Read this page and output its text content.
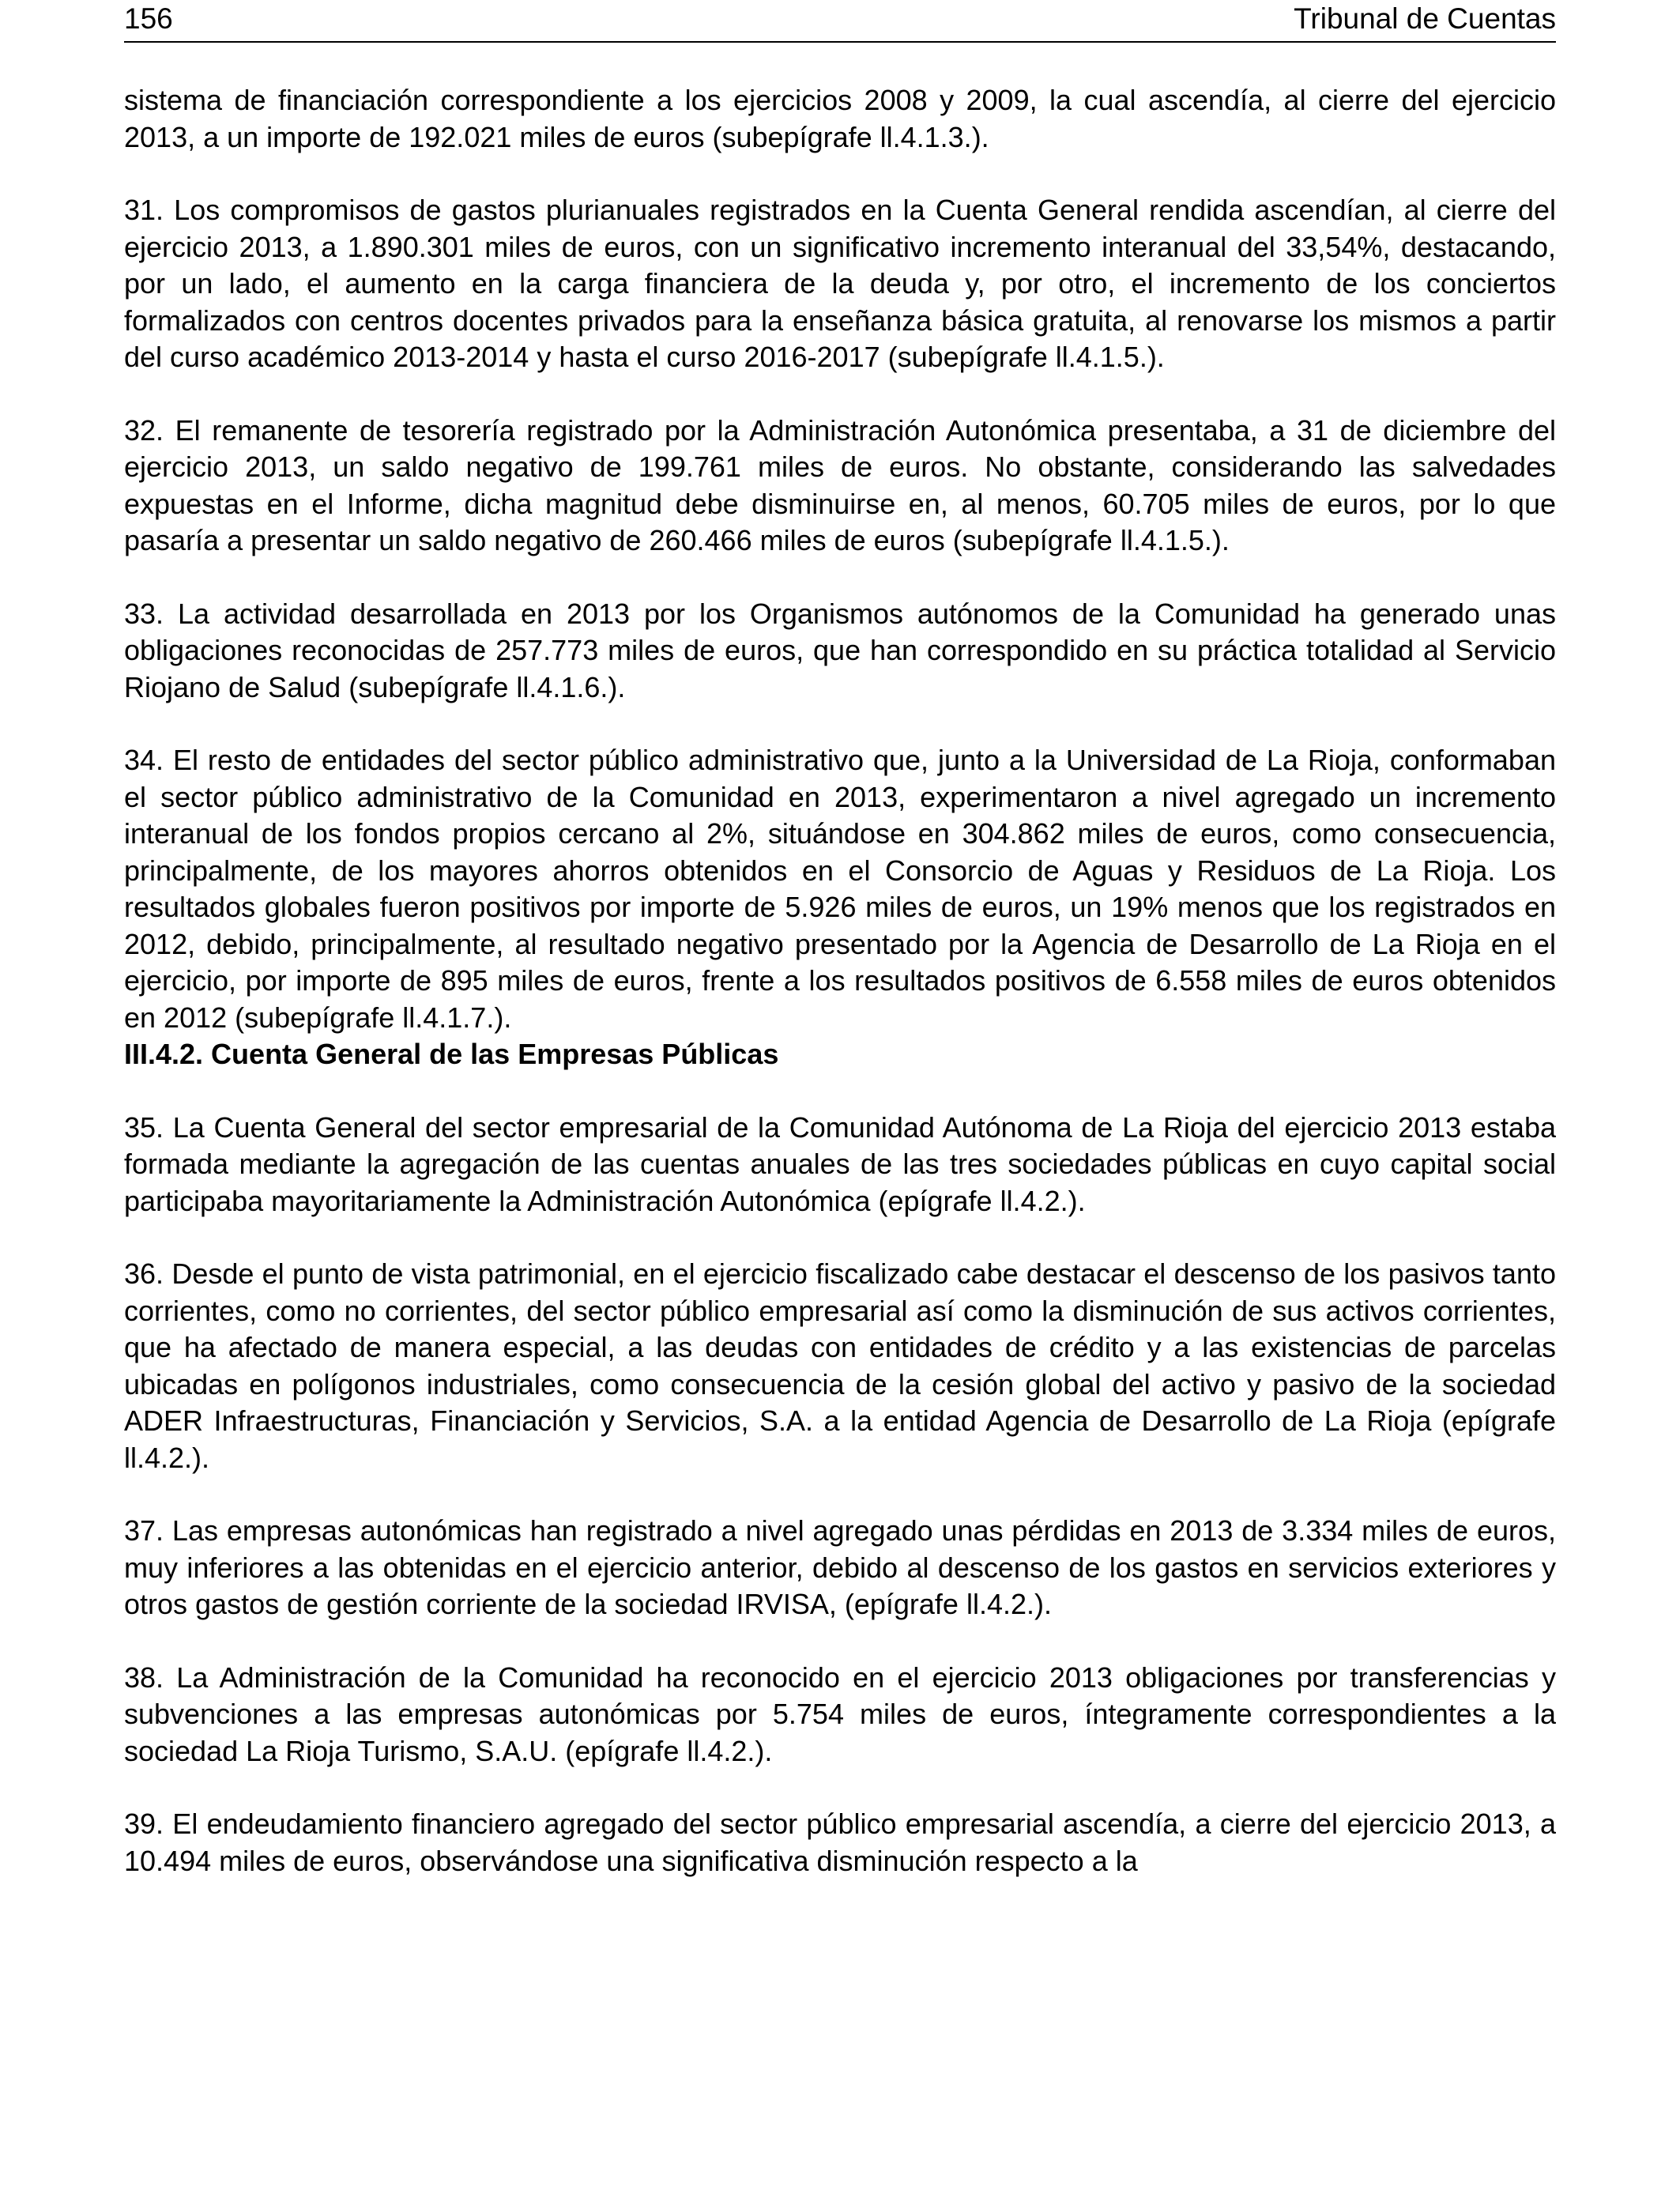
156	Tribunal de Cuentas

sistema de financiación correspondiente a los ejercicios 2008 y 2009, la cual ascendía, al cierre del ejercicio 2013, a un importe de 192.021 miles de euros (subepígrafe ll.4.1.3.).

31. Los compromisos de gastos plurianuales registrados en la Cuenta General rendida ascendían, al cierre del ejercicio 2013, a 1.890.301 miles de euros, con un significativo incremento interanual del 33,54%, destacando, por un lado, el aumento en la carga financiera de la deuda y, por otro, el incremento de los conciertos formalizados con centros docentes privados para la enseñanza básica gratuita, al renovarse los mismos a partir del curso académico 2013-2014 y hasta el curso 2016-2017 (subepígrafe ll.4.1.5.).

32. El remanente de tesorería registrado por la Administración Autonómica presentaba, a 31 de diciembre del ejercicio 2013, un saldo negativo de 199.761 miles de euros. No obstante, considerando las salvedades expuestas en el Informe, dicha magnitud debe disminuirse en, al menos, 60.705 miles de euros, por lo que pasaría a presentar un saldo negativo de 260.466 miles de euros (subepígrafe ll.4.1.5.).

33. La actividad desarrollada en 2013 por los Organismos autónomos de la Comunidad ha generado unas obligaciones reconocidas de 257.773 miles de euros, que han correspondido en su práctica totalidad al Servicio Riojano de Salud (subepígrafe ll.4.1.6.).

34. El resto de entidades del sector público administrativo que, junto a la Universidad de La Rioja, conformaban el sector público administrativo de la Comunidad en 2013, experimentaron a nivel agregado un incremento interanual de los fondos propios cercano al 2%, situándose en 304.862 miles de euros, como consecuencia, principalmente, de los mayores ahorros obtenidos en el Consorcio de Aguas y Residuos de La Rioja. Los resultados globales fueron positivos por importe de 5.926 miles de euros, un 19% menos que los registrados en 2012, debido, principalmente, al resultado negativo presentado por la Agencia de Desarrollo de La Rioja en el ejercicio, por importe de 895 miles de euros, frente a los resultados positivos de 6.558 miles de euros obtenidos en 2012 (subepígrafe ll.4.1.7.).

III.4.2. Cuenta General de las Empresas Públicas

35. La Cuenta General del sector empresarial de la Comunidad Autónoma de La Rioja del ejercicio 2013 estaba formada mediante la agregación de las cuentas anuales de las tres sociedades públicas en cuyo capital social participaba mayoritariamente la Administración Autonómica (epígrafe ll.4.2.).

36. Desde el punto de vista patrimonial, en el ejercicio fiscalizado cabe destacar el descenso de los pasivos tanto corrientes, como no corrientes, del sector público empresarial así como la disminución de sus activos corrientes, que ha afectado de manera especial, a las deudas con entidades de crédito y a las existencias de parcelas ubicadas en polígonos industriales, como consecuencia de la cesión global del activo y pasivo de la sociedad ADER Infraestructuras, Financiación y Servicios, S.A. a la entidad Agencia de Desarrollo de La Rioja (epígrafe ll.4.2.).

37. Las empresas autonómicas han registrado a nivel agregado unas pérdidas en 2013 de 3.334 miles de euros, muy inferiores a las obtenidas en el ejercicio anterior, debido al descenso de los gastos en servicios exteriores y otros gastos de gestión corriente de la sociedad IRVISA, (epígrafe ll.4.2.).

38. La Administración de la Comunidad ha reconocido en el ejercicio 2013 obligaciones por transferencias y subvenciones a las empresas autonómicas por 5.754 miles de euros, íntegramente correspondientes a la sociedad La Rioja Turismo, S.A.U. (epígrafe ll.4.2.).

39. El endeudamiento financiero agregado del sector público empresarial ascendía, a cierre del ejercicio 2013, a 10.494 miles de euros, observándose una significativa disminución respecto a la
